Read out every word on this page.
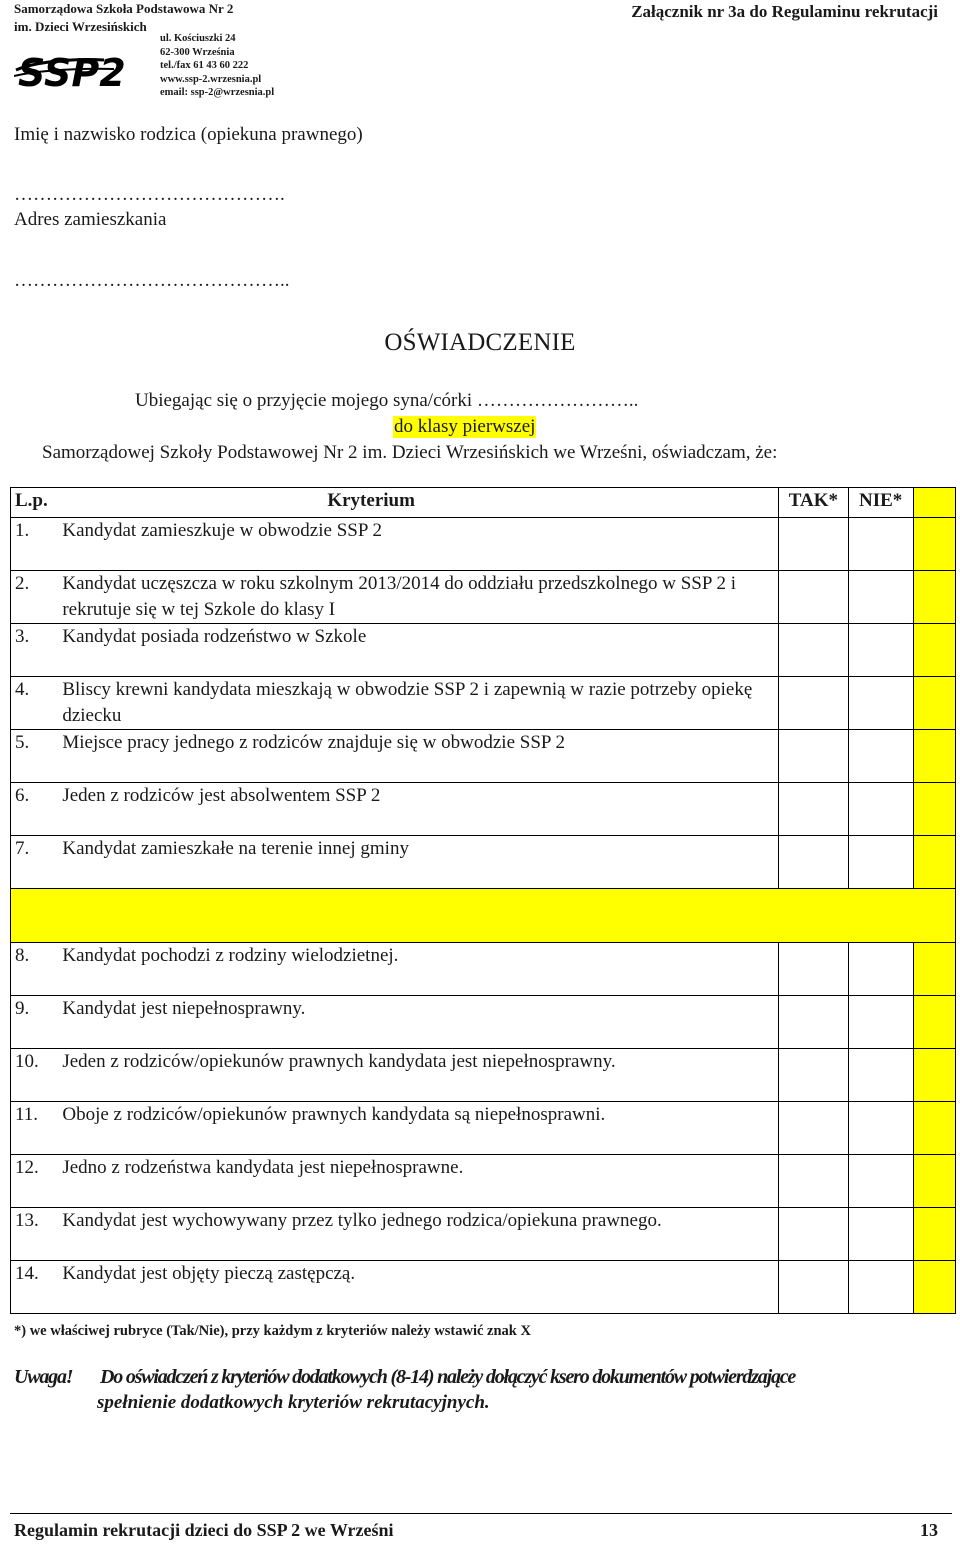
Samorządowa Szkoła Podstawowa Nr 2
im. Dzieci Wrzesińskich
SSP2
ul. Kościuszki 24
62-300 Września
tel./fax 61 43 60 222
www.ssp-2.wrzesnia.pl
email: ssp-2@wrzesnia.pl
Załącznik nr 3a do Regulaminu rekrutacji
Imię i nazwisko rodzica (opiekuna prawnego)
…………………………………….
Adres zamieszkania
……………………………………..
OŚWIADCZENIE
Ubiegając się o przyjęcie mojego syna/córki ……………………..
do klasy pierwszej
Samorządowej Szkoły Podstawowej Nr 2 im. Dzieci Wrzesińskich we Wrześni, oświadczam, że:
L.p.	Kryterium	TAK*	NIE*	
1.	Kandydat zamieszkuje w obwodzie SSP 2			
2.	Kandydat uczęszcza w roku szkolnym 2013/2014 do oddziału przedszkolnego w SSP 2 i rekrutuje się w tej Szkole do klasy I			
3.	Kandydat posiada rodzeństwo w Szkole			
4.	Bliscy krewni kandydata mieszkają w obwodzie SSP 2 i zapewnią w razie potrzeby opiekę dziecku			
5.	Miejsce pracy jednego z rodziców znajduje się w obwodzie SSP 2			
6.	Jeden z rodziców jest absolwentem SSP 2			
7.	Kandydat zamieszkałe na terenie innej gminy			

8.	Kandydat pochodzi z rodziny wielodzietnej.			
9.	Kandydat jest niepełnosprawny.			
10.	Jeden z rodziców/opiekunów prawnych kandydata jest niepełnosprawny.			
11.	Oboje z rodziców/opiekunów prawnych kandydata są niepełnosprawni.			
12.	Jedno z rodzeństwa kandydata jest niepełnosprawne.			
13.	Kandydat jest wychowywany przez tylko jednego rodzica/opiekuna prawnego.			
14.	Kandydat jest objęty pieczą zastępczą.			
*) we właściwej rubryce (Tak/Nie), przy każdym z kryteriów należy wstawić znak X
Uwaga! Do oświadczeń z kryteriów dodatkowych (8-14) należy dołączyć ksero dokumentów potwierdzające
spełnienie dodatkowych kryteriów rekrutacyjnych.
Regulamin rekrutacji dzieci do SSP 2 we Wrześni	13
